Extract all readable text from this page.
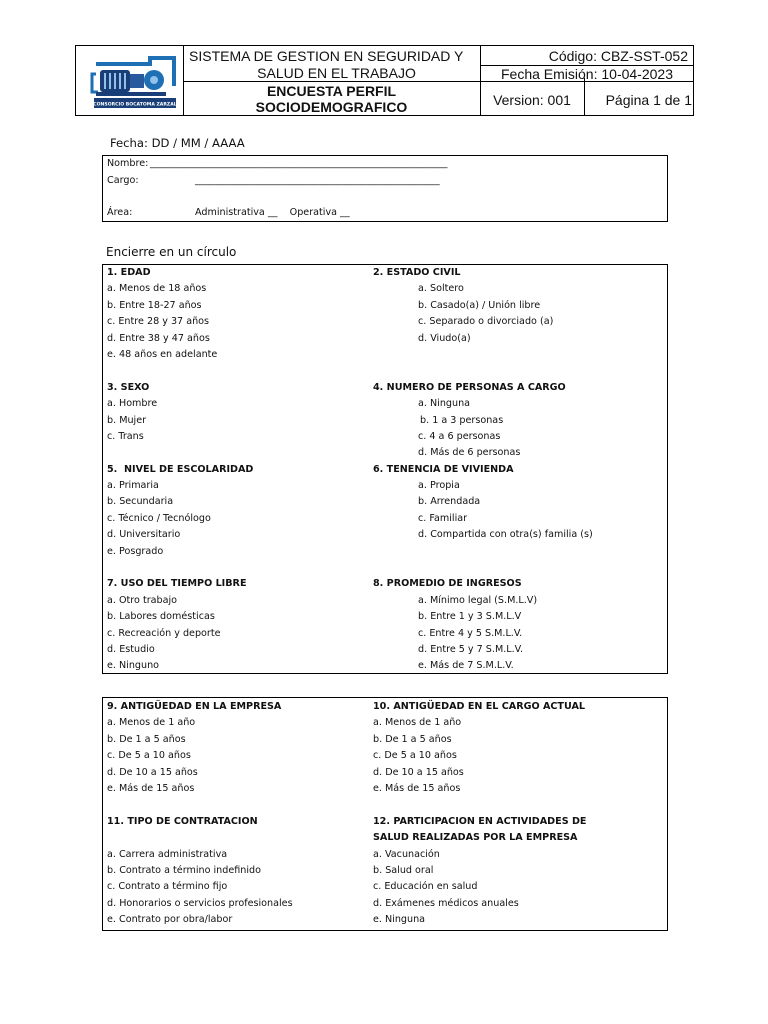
CONSORCIO BOCATOMA ZARZAL
SISTEMA DE GESTION EN SEGURIDAD Y
SALUD EN EL TRABAJO
ENCUESTA PERFIL
SOCIODEMOGRAFICO
Código: CBZ-SST-052
Fecha Emisión: 10-04-2023
Version: 001	Página 1 de 1
Fecha: DD / MM / AAAA
Nombre: ______________________________________________________________
Cargo:	___________________________________________________
Área:	Administrativa __    Operativa __
Encierre en un círculo
1. EDAD
a. Menos de 18 años
b. Entre 18-27 años
c. Entre 28 y 37 años
d. Entre 38 y 47 años
e. 48 años en adelante
3. SEXO
a. Hombre
b. Mujer
c. Trans
5.  NIVEL DE ESCOLARIDAD
a. Primaria
b. Secundaria
c. Técnico / Tecnólogo
d. Universitario
e. Posgrado
7. USO DEL TIEMPO LIBRE
a. Otro trabajo
b. Labores domésticas
c. Recreación y deporte
d. Estudio
e. Ninguno
2. ESTADO CIVIL
4. NUMERO DE PERSONAS A CARGO
6. TENENCIA DE VIVIENDA
8. PROMEDIO DE INGRESOS
a. Soltero
b. Casado(a) / Unión libre
c. Separado o divorciado (a)
d. Viudo(a)
a. Ninguna
b. 1 a 3 personas
c. 4 a 6 personas
d. Más de 6 personas
a. Propia
b. Arrendada
c. Familiar
d. Compartida con otra(s) familia (s)
a. Mínimo legal (S.M.L.V)
b. Entre 1 y 3 S.M.L.V
c. Entre 4 y 5 S.M.L.V.
d. Entre 5 y 7 S.M.L.V.
e. Más de 7 S.M.L.V.
9. ANTIGÜEDAD EN LA EMPRESA
a. Menos de 1 año
b. De 1 a 5 años
c. De 5 a 10 años
d. De 10 a 15 años
e. Más de 15 años
11. TIPO DE CONTRATACION
a. Carrera administrativa
b. Contrato a término indefinido
c. Contrato a término fijo
d. Honorarios o servicios profesionales
e. Contrato por obra/labor
10. ANTIGÜEDAD EN EL CARGO ACTUAL
a. Menos de 1 año
b. De 1 a 5 años
c. De 5 a 10 años
d. De 10 a 15 años
e. Más de 15 años
12. PARTICIPACION EN ACTIVIDADES DE
SALUD REALIZADAS POR LA EMPRESA
a. Vacunación
b. Salud oral
c. Educación en salud
d. Exámenes médicos anuales
e. Ninguna
